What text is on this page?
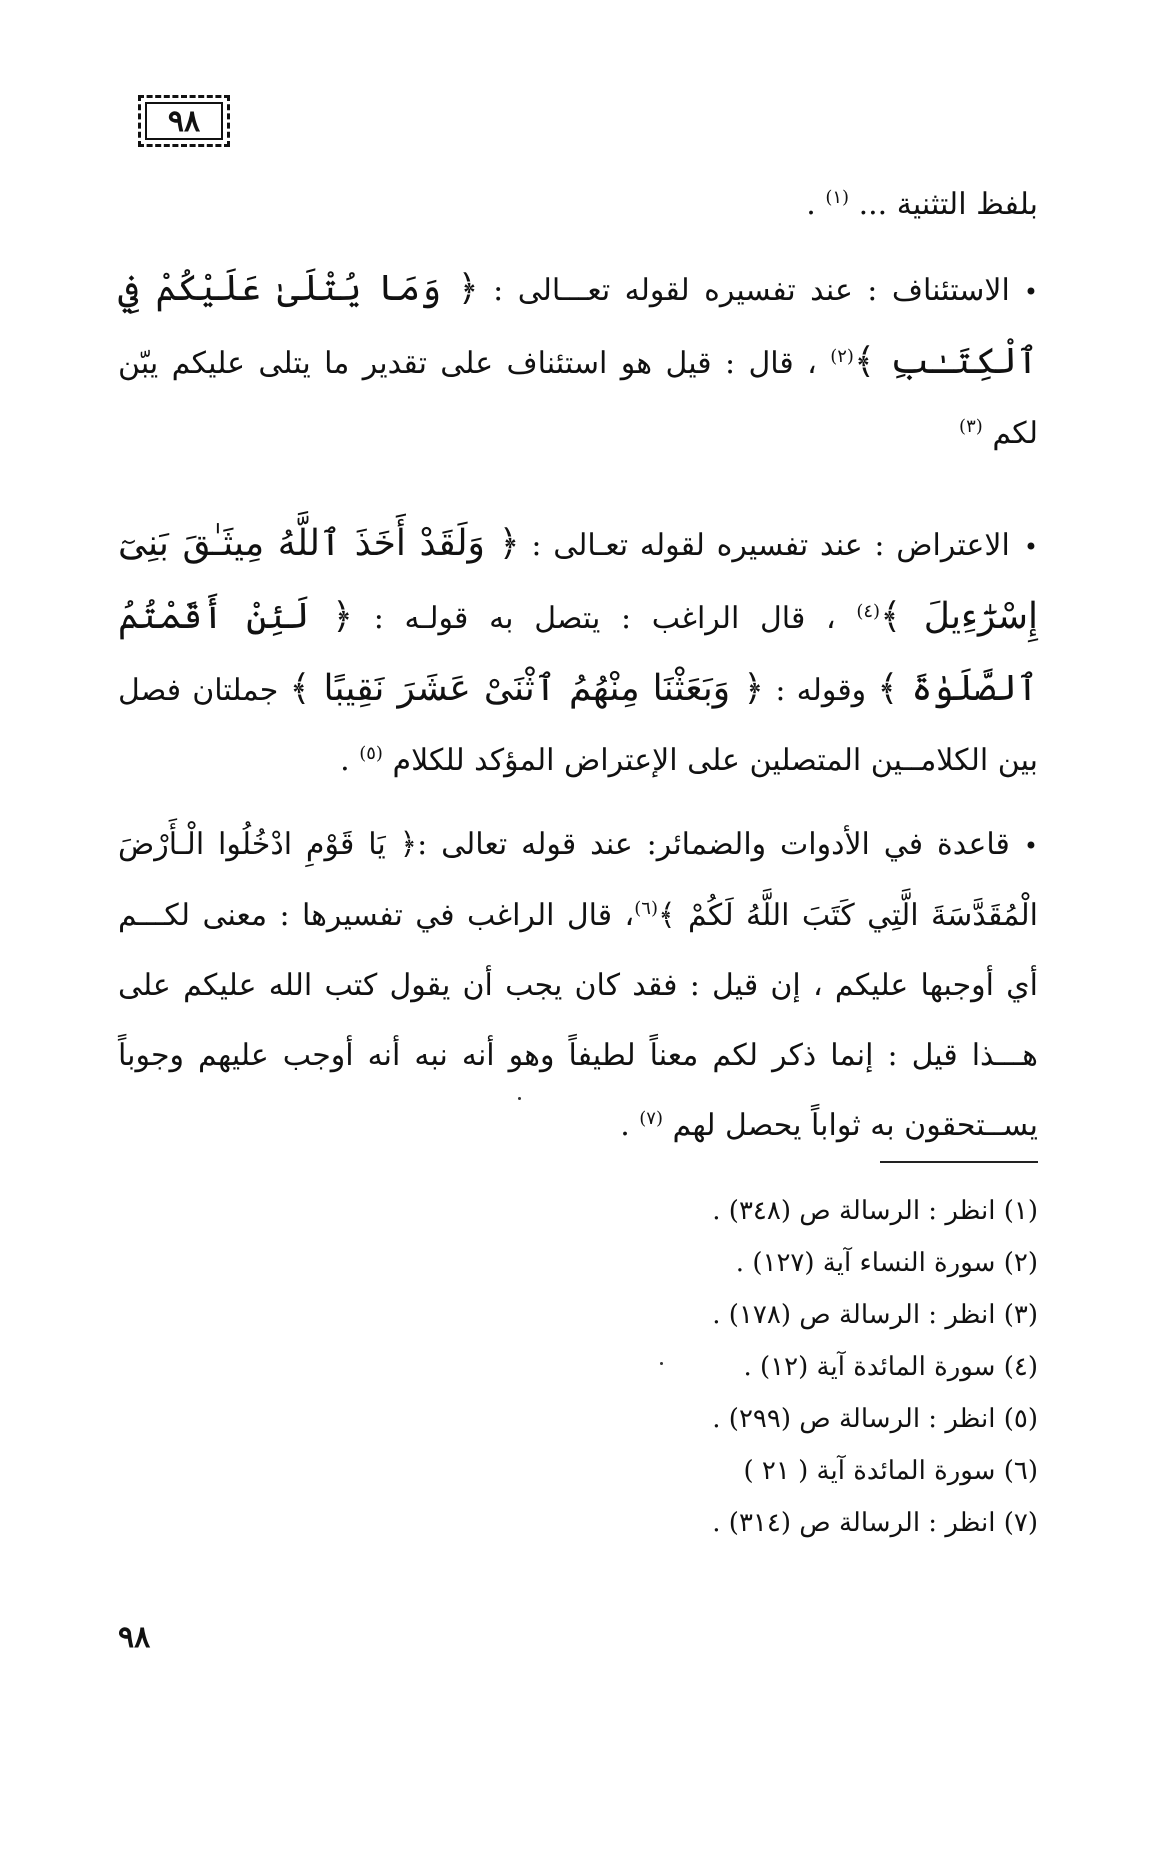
٩٨

بلفظ التثنية ... $^{(١)}$ .

•الاستئناف : عند تفسيره لقوله تعـــالى : ﴿ وَمَا يُتْلَىٰ عَلَيْكُمْ فِي ٱلْكِتَـٰبِ ﴾$^{(٢)}$ ، قال : قيل هو استئناف على تقدير ما يتلى عليكم يبّن لكم $^{(٣)}$

•الاعتراض : عند تفسيره لقوله تعـالى : ﴿ وَلَقَدْ أَخَذَ ٱللَّهُ مِيثَـٰقَ بَنِىٓ إِسْرَٰٓءِيلَ ﴾$^{(٤)}$ ، قال الراغب : يتصل به قولـه : ﴿ لَئِنْ أَقَمْتُمُ ٱلصَّلَوٰةَ ﴾ وقوله : ﴿ وَبَعَثْنَا مِنْهُمُ ٱثْنَىْ عَشَرَ نَقِيبًا ﴾ جملتان فصل بين الكلامــين المتصلين على الإعتراض المؤكد للكلام $^{(٥)}$ .

•قاعدة في الأدوات والضمائر: عند قوله تعالى :﴿ يَا قَوْمِ ادْخُلُوا الْـأَرْضَ الْمُقَدَّسَةَ الَّتِي كَتَبَ اللَّهُ لَكُمْ ﴾$^{(٦)}$، قال الراغب في تفسيرها : معنى لكـــم أي أوجبها عليكم ، إن قيل : فقد كان يجب أن يقول كتب الله عليكم على هـــذا قيل : إنما ذكر لكم معناً لطيفاً وهو أنه نبه أنه أوجب عليهم وجوباً يســتحقون به ثواباً يحصل لهم $^{(٧)}$ .

(١) انظر : الرسالة ص (٣٤٨) .
(٢) سورة النساء آية (١٢٧) .
(٣) انظر : الرسالة ص (١٧٨) .
(٤) سورة المائدة آية (١٢) .
(٥) انظر : الرسالة ص (٢٩٩) .
(٦) سورة المائدة آية ( ٢١ )
(٧) انظر : الرسالة ص (٣١٤) .
٩٨
